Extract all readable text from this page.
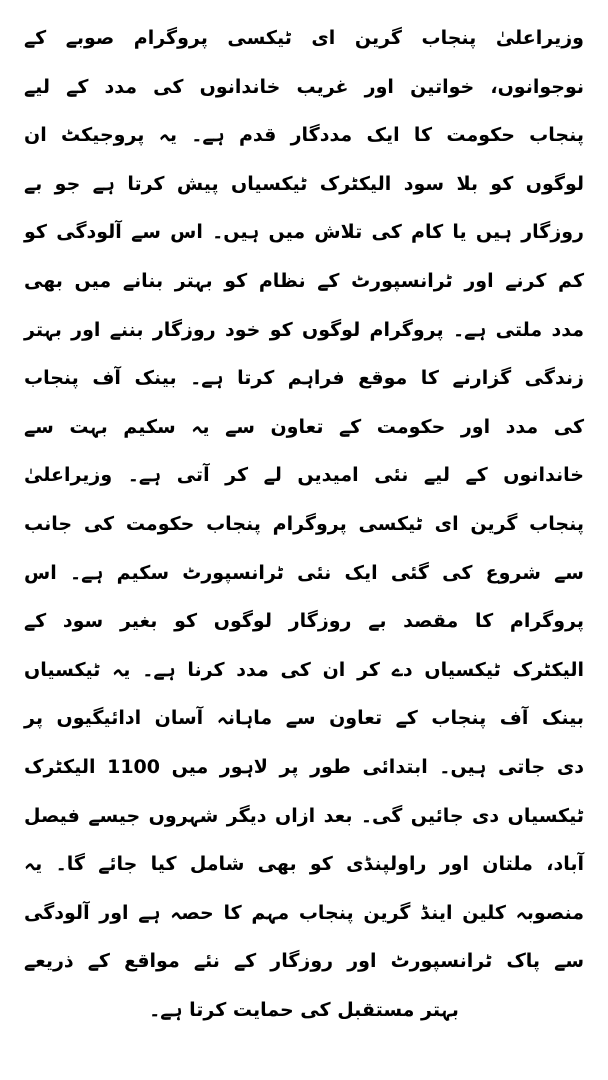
وزیراعلیٰ پنجاب گرین ای ٹیکسی پروگرام صوبے کے
نوجوانوں، خواتین اور غریب خاندانوں کی مدد کے لیے
پنجاب حکومت کا ایک مددگار قدم ہے۔ یہ پروجیکٹ ان
لوگوں کو بلا سود الیکٹرک ٹیکسیاں پیش کرتا ہے جو بے
روزگار ہیں یا کام کی تلاش میں ہیں۔ اس سے آلودگی کو
کم کرنے اور ٹرانسپورٹ کے نظام کو بہتر بنانے میں بھی
مدد ملتی ہے۔ پروگرام لوگوں کو خود روزگار بننے اور بہتر
زندگی گزارنے کا موقع فراہم کرتا ہے۔ بینک آف پنجاب
کی مدد اور حکومت کے تعاون سے یہ سکیم بہت سے
خاندانوں کے لیے نئی امیدیں لے کر آتی ہے۔ وزیراعلیٰ
پنجاب گرین ای ٹیکسی پروگرام پنجاب حکومت کی جانب
سے شروع کی گئی ایک نئی ٹرانسپورٹ سکیم ہے۔ اس
پروگرام کا مقصد بے روزگار لوگوں کو بغیر سود کے
الیکٹرک ٹیکسیاں دے کر ان کی مدد کرنا ہے۔ یہ ٹیکسیاں
بینک آف پنجاب کے تعاون سے ماہانہ آسان ادائیگیوں پر
دی جاتی ہیں۔ ابتدائی طور پر لاہور میں 1100 الیکٹرک
ٹیکسیاں دی جائیں گی۔ بعد ازاں دیگر شہروں جیسے فیصل
آباد، ملتان اور راولپنڈی کو بھی شامل کیا جائے گا۔ یہ
منصوبہ کلین اینڈ گرین پنجاب مہم کا حصہ ہے اور آلودگی
سے پاک ٹرانسپورٹ اور روزگار کے نئے مواقع کے ذریعے
بہتر مستقبل کی حمایت کرتا ہے۔
